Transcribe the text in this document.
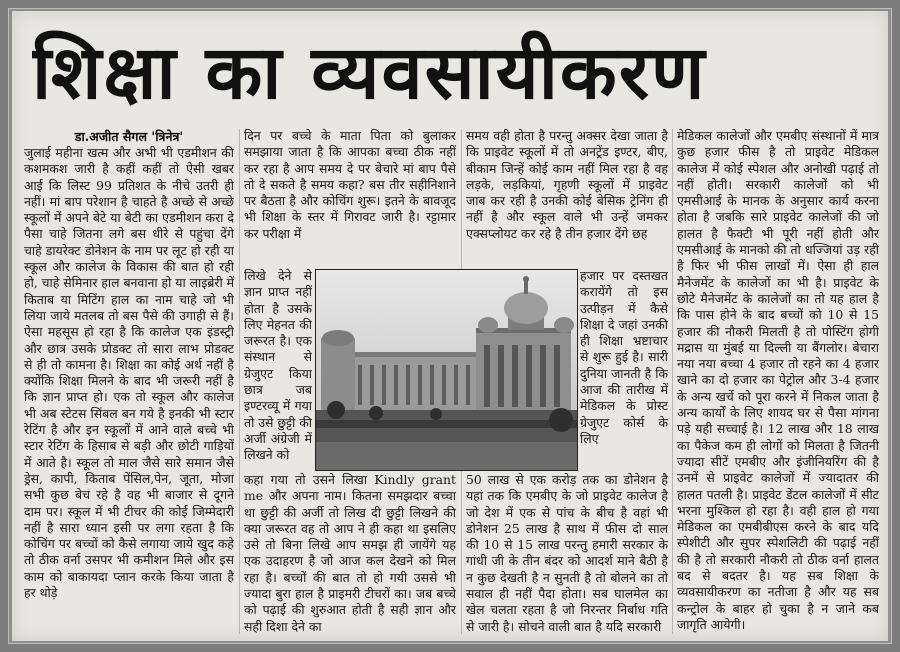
शिक्षा का व्यवसायीकरण
डा.अजीत सैगल 'त्रिनेत्र'

जुलाई महीना खत्म और अभी भी एडमीशन की कशमकश जारी है कहीं कहीं तो ऐसी खबर आई कि लिस्ट 99 प्रतिशत के नीचे उतरी ही नहीं। मां बाप परेशान है चाहते है अच्छे से अच्छे स्कूलों में अपने बेटे या बेटी का एडमीशन करा दे पैसा चाहे जितना लगे बस धीरे से पहुंचा देंगे चाहे डायरेक्ट डोनेशन के नाम पर लूट हो रही या स्कूल और कालेज के विकास की बात हो रही हो, चाहे सेमिनार हाल बनवाना हो या लाइब्रेरी में किताब या मिटिंग हाल का नाम चाहे जो भी लिया जाये मतलब तो बस पैसे की उगाही से हैं। ऐसा महसूस हो रहा है कि कालेज एक इंडस्ट्री और छात्र उसके प्रोडक्ट तो सारा लाभ प्रोडक्ट से ही तो कामना है। शिक्षा का कोई अर्थ नहीं है क्योंकि शिक्षा मिलने के बाद भी जरूरी नहीं है कि ज्ञान प्राप्त हो। एक तो स्कूल और कालेज भी अब स्टेटस सिंबल बन गये है इनकी भी स्टार रेटिंग है और इन स्कूलों में आने वाले बच्चे भी स्टार रेटिंग के हिसाब से बड़ी और छोटी गाड़ियों में आते है। स्कूल तो माल जैसे सारे समान जैसे ड्रेस, कापी, किताब पेंसिल,पेन, जूता, मोजा सभी कुछ बेच रहे है वह भी बाजार से दूगने दाम पर। स्कूल में भी टीचर की कोई जिम्मेदारी नहीं है सारा ध्यान इसी पर लगा रहता है कि कोचिंग पर बच्चों को कैसे लगाया जाये खुद कहे तो ठीक वर्ना उसपर भी कमीशन मिले और इस काम को बाकायदा प्लान करके किया जाता है हर थोड़े

दिन पर बच्चे के माता पिता को बुलाकर समझाया जाता है कि आपका बच्चा ठीक नहीं कर रहा है आप समय दे पर बेचारे मां बाप पैसे तो दे सकते है समय कहा? बस तीर सहीनिशाने पर बैठता है और कोचिंग शुरू। इतने के बावजूद भी शिक्षा के स्तर में गिरावट जारी है। रट्टामार कर परीक्षा में

लिखे देने से ज्ञान प्राप्त नहीं होता है उसके लिए मेहनत की जरूरत है। एक संस्थान से ग्रेजुएट किया छात्र जब इण्टरव्यू में गया तो उसे छुट्टी की अर्जी अंग्रेजी में लिखने को

कहा गया तो उसने लिखा Kindly grant me और अपना नाम। कितना समझदार बच्चा था छुट्टी की अर्जी तो लिख दी छुट्टी लिखने की क्या जरूरत वह तो आप ने ही कहा था इसलिए उसे तो बिना लिखे आप समझ ही जायेंगे यह एक उदाहरण है जो आज कल देखने को मिल रहा है। बच्चों की बात तो हो गयी उससे भी ज्यादा बुरा हाल है प्राइमरी टीचरों का। जब बच्चे को पढ़ाई की शुरुआत होती है सही ज्ञान और सही दिशा देने का

समय वही होता है परन्तु अक्सर देखा जाता है कि प्राइवेट स्कूलों में तो अनट्रेंड इण्टर, बीए, बीकाम जिन्हें कोई काम नहीं मिल रहा है वह लड़के, लड़कियां, गृहणी स्कूलों में प्राइवेट जाब कर रही है उनकी कोई बेसिक ट्रेनिंग ही नहीं है और स्कूल वाले भी उन्हें जमकर एक्सप्लोयट कर रहे है तीन हजार देंगे छह

हजार पर दस्तखत करायेंगे तो इस उत्पीड़न में कैसे शिक्षा दे जहां उनकी ही शिक्षा भ्रष्टाचार से शुरू हुई है। सारी दुनिया जानती है कि आज की तारीख में मेडिकल के प्रोस्ट ग्रेजुएट कोर्स के लिए

50 लाख से एक करोड़ तक का डोनेशन है यहां तक कि एमबीए के जो प्राइवेट कालेज है जो देश में एक से पांच के बीच है वहां भी डोनेशन 25 लाख है साथ में फीस दो साल की 10 से 15 लाख परन्तु हमारी सरकार के गांधी जी के तीन बंदर को आदर्श माने बैठी है न कुछ देखती है न सुनती है तो बोलने का तो सवाल ही नहीं पैदा होता। सब घालमेल का खेल चलता रहता है जो निरन्तर निर्बाध गति से जारी है। सोचने वाली बात है यदि सरकारी

मेडिकल कालेजों और एमबीए संस्थानों में मात्र कुछ हजार फीस है तो प्राइवेट मेडिकल कालेज में कोई स्पेशल और अनोखी पढ़ाई तो नहीं होती। सरकारी कालेजों को भी एमसीआई के मानक के अनुसार कार्य करना होता है जबकि सारे प्राइवेट कालेजों की जो हालत है फैक्टी भी पूरी नहीं होती और एमसीआई के मानको की तो धज्जियां उड़ रही है फिर भी फीस लाखों में। ऐसा ही हाल मैनेजमेंट के कालेजों का भी है। प्राइवेट के छोटे मैनेजमेंट के कालेजों का तो यह हाल है कि पास होने के बाद बच्चों को 10 से 15 हजार की नौकरी मिलती है तो पोस्टिंग होगी मद्रास या मुंबई या दिल्ली या बैंगलोर। बेचारा नया नया बच्चा 4 हजार तो रहने का 4 हजार खाने का दो हजार का पेट्रोल और 3-4 हजार के अन्य खर्चे को पूरा करने में निकल जाता है अन्य कार्यों के लिए शायद घर से पैसा मांगना पड़े यही सच्चाई है। 12 लाख और 18 लाख का पैकेज कम ही लोगों को मिलता है जितनी ज्यादा सीटें एमबीए और इंजीनियरिंग की है उनमें से प्राइवेट कालेजों में ज्यादातर की हालत पतली है। प्राइवेट डेंटल कालेजों में सीट भरना मुश्किल हो रहा है। वही हाल हो गया मेडिकल का एमबीबीएस करने के बाद यदि स्पेशीटी और सुपर स्पेशलिटी की पढ़ाई नहीं की है तो सरकारी नौकरी तो ठीक वर्ना हालत बद से बदतर है। यह सब शिक्षा के व्यवसायीकरण का नतीजा है और यह सब कन्ट्रोल के बाहर हो चुका है न जाने कब जागृति आयेगी।
